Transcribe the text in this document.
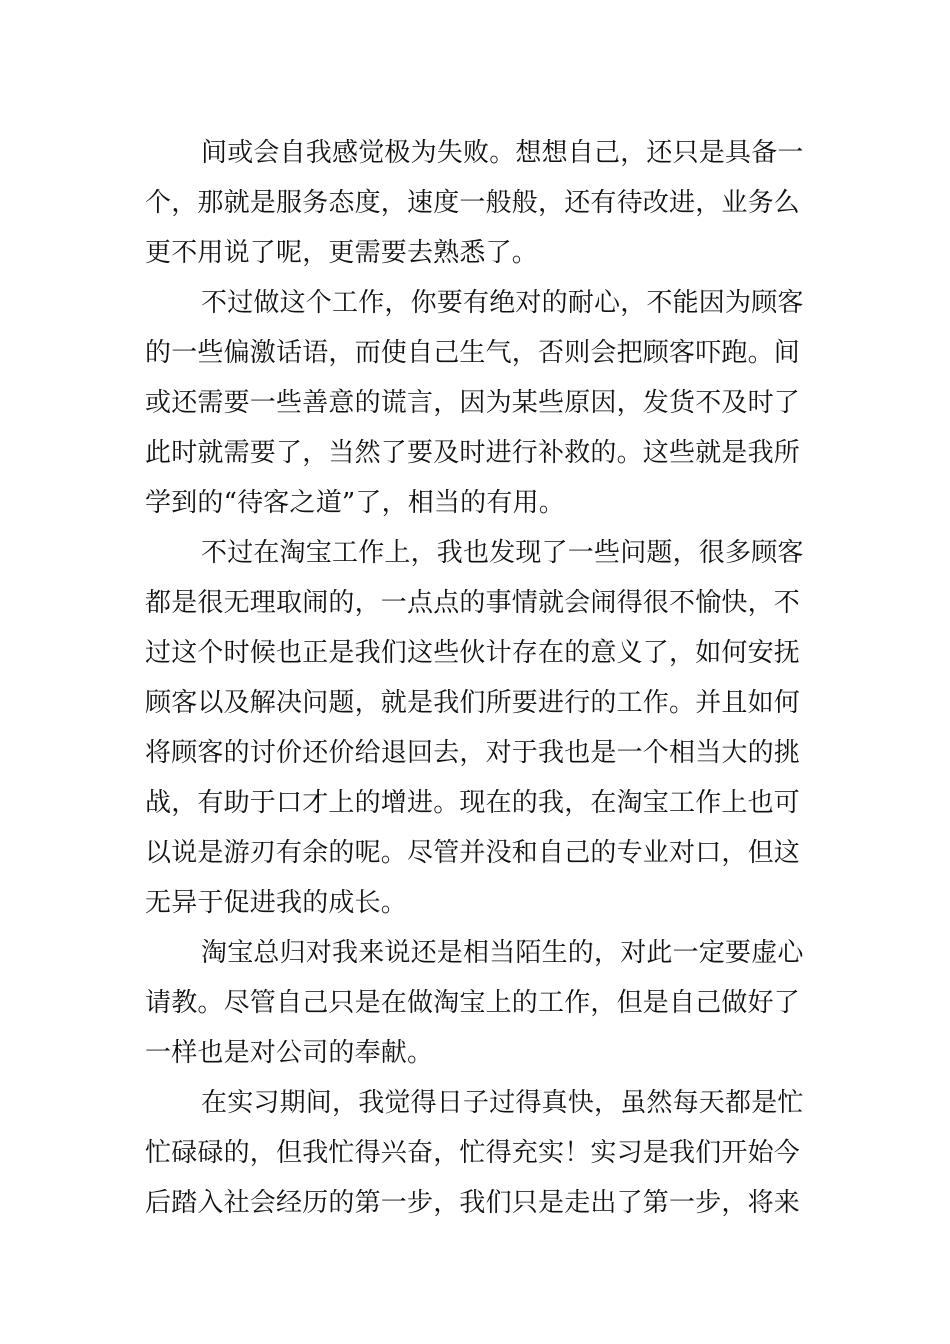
间或会自我感觉极为失败。想想自己，还只是具备一
个，那就是服务态度，速度一般般，还有待改进，业务么
更不用说了呢，更需要去熟悉了。
不过做这个工作，你要有绝对的耐心，不能因为顾客
的一些偏激话语，而使自己生气，否则会把顾客吓跑。间
或还需要一些善意的谎言，因为某些原因，发货不及时了
此时就需要了，当然了要及时进行补救的。这些就是我所
学到的“待客之道”了，相当的有用。
不过在淘宝工作上，我也发现了一些问题，很多顾客
都是很无理取闹的，一点点的事情就会闹得很不愉快，不
过这个时候也正是我们这些伙计存在的意义了，如何安抚
顾客以及解决问题，就是我们所要进行的工作。并且如何
将顾客的讨价还价给退回去，对于我也是一个相当大的挑
战，有助于口才上的增进。现在的我，在淘宝工作上也可
以说是游刃有余的呢。尽管并没和自己的专业对口，但这
无异于促进我的成长。
淘宝总归对我来说还是相当陌生的，对此一定要虚心
请教。尽管自己只是在做淘宝上的工作，但是自己做好了
一样也是对公司的奉献。
在实习期间，我觉得日子过得真快，虽然每天都是忙
忙碌碌的，但我忙得兴奋，忙得充实！实习是我们开始今
后踏入社会经历的第一步，我们只是走出了第一步，将来
